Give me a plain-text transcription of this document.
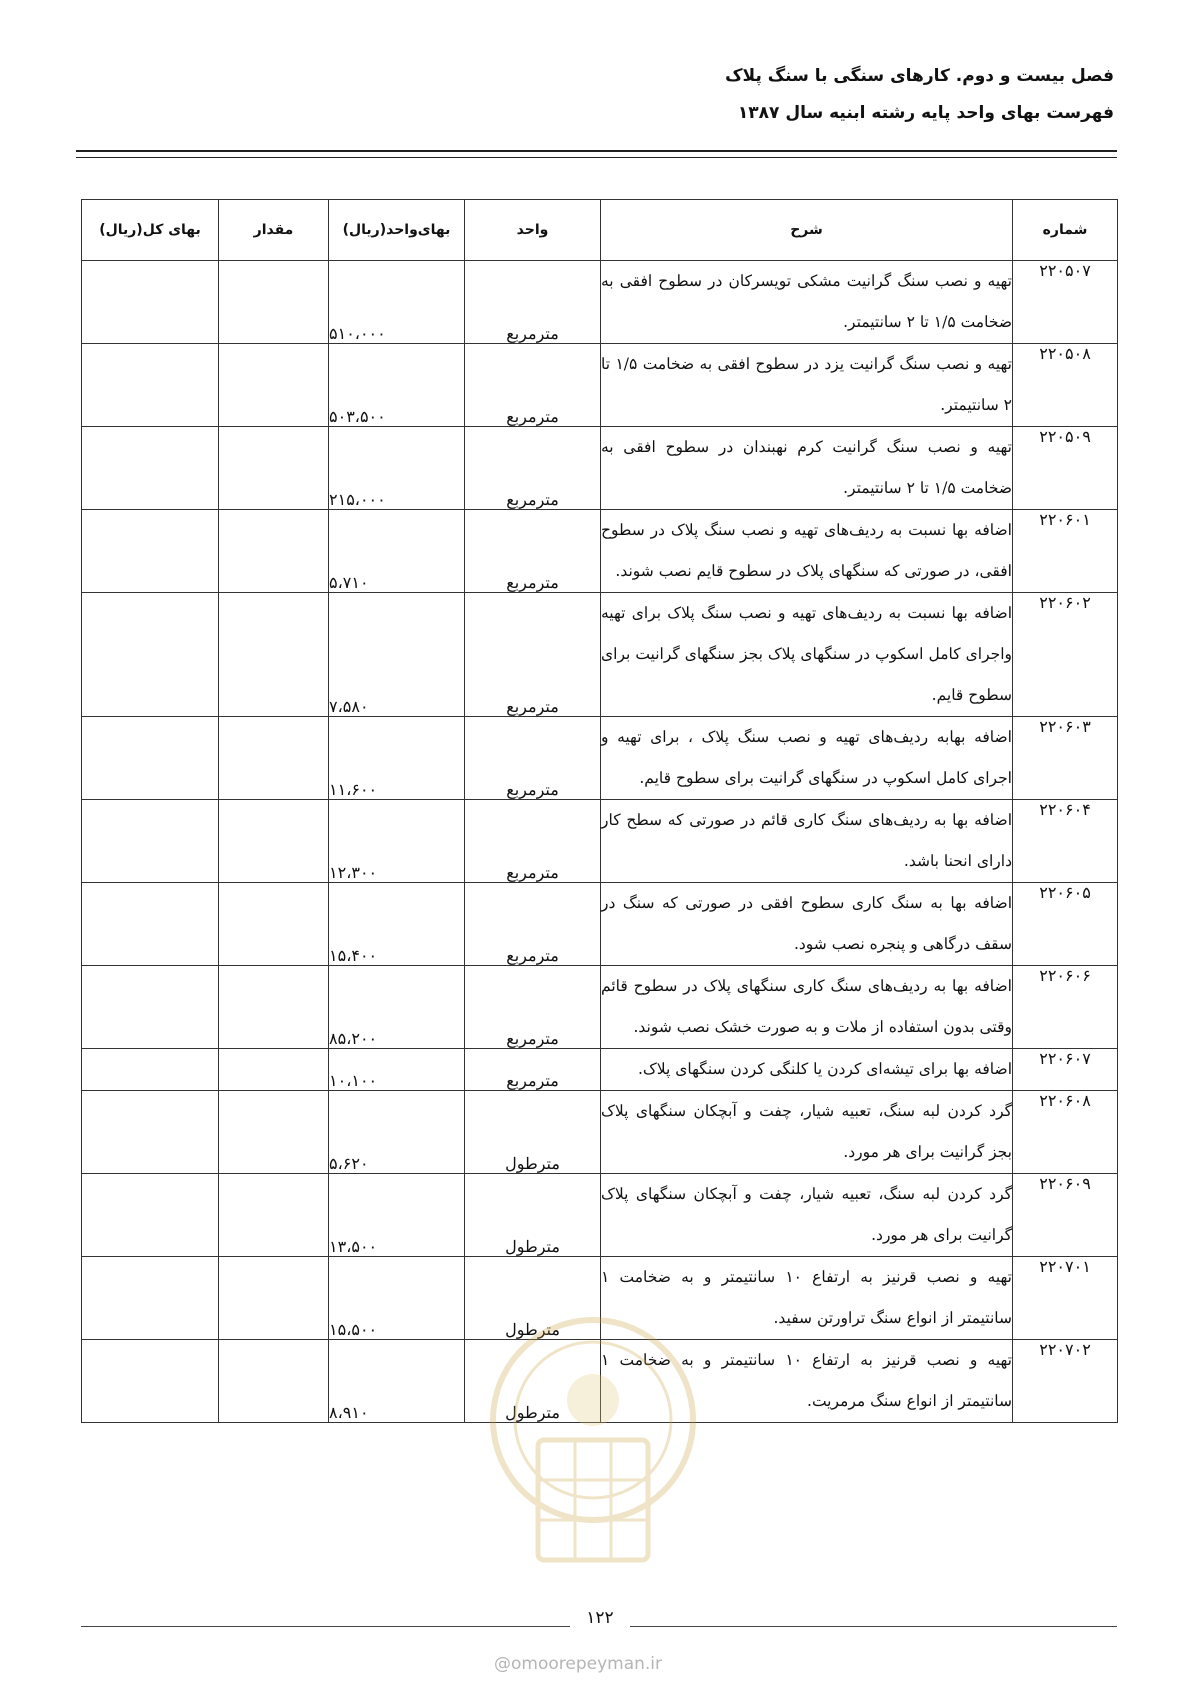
فصل بیست و دوم. کارهای سنگی با سنگ پلاک
فهرست بهای واحد پایه رشته ابنیه سال ۱۳۸۷
شماره	شرح	واحد	بهای‌واحد(ریال)	مقدار	بهای کل(ریال)
۲۲۰۵۰۷	تهیه و نصب سنگ گرانیت مشکی تویسرکان در سطوح افقی به ضخامت ۱/۵ تا ۲ سانتیمتر.	مترمربع	۵۱۰،۰۰۰		
۲۲۰۵۰۸	تهیه و نصب سنگ گرانیت یزد در سطوح افقی به ضخامت ۱/۵ تا ۲ سانتیمتر.	مترمربع	۵۰۳،۵۰۰		
۲۲۰۵۰۹	تهیه و نصب سنگ گرانیت کرم نهبندان در سطوح افقی به ضخامت ۱/۵ تا ۲ سانتیمتر.	مترمربع	۲۱۵،۰۰۰		
۲۲۰۶۰۱	اضافه بها نسبت به ردیف‌های تهیه و نصب سنگ پلاک در سطوح افقی، در صورتی که سنگهای پلاک در سطوح قایم نصب شوند.	مترمربع	۵،۷۱۰		
۲۲۰۶۰۲	اضافه بها نسبت به ردیف‌های تهیه و نصب سنگ پلاک برای تهیه واجرای کامل اسکوپ در سنگهای پلاک بجز سنگهای گرانیت برای سطوح قایم.	مترمربع	۷،۵۸۰		
۲۲۰۶۰۳	اضافه بهابه ردیف‌های تهیه و نصب سنگ پلاک ، برای تهیه و اجرای کامل اسکوپ در سنگهای گرانیت برای سطوح قایم.	مترمربع	۱۱،۶۰۰		
۲۲۰۶۰۴	اضافه بها به ردیف‌های سنگ کاری قائم در صورتی که سطح کار دارای انحنا باشد.	مترمربع	۱۲،۳۰۰		
۲۲۰۶۰۵	اضافه بها به سنگ کاری سطوح افقی در صورتی که سنگ در سقف درگاهی و پنجره نصب شود.	مترمربع	۱۵،۴۰۰		
۲۲۰۶۰۶	اضافه بها به ردیف‌های سنگ کاری سنگهای پلاک در سطوح قائم وقتی بدون استفاده از ملات و به صورت خشک نصب شوند.	مترمربع	۸۵،۲۰۰		
۲۲۰۶۰۷	اضافه بها برای تیشه‌ای کردن یا کلنگی کردن سنگهای پلاک.	مترمربع	۱۰،۱۰۰		
۲۲۰۶۰۸	گرد کردن لبه سنگ، تعبیه شیار، چفت و آبچکان سنگهای پلاک بجز گرانیت برای هر مورد.	مترطول	۵،۶۲۰		
۲۲۰۶۰۹	گرد کردن لبه سنگ، تعبیه شیار، چفت و آبچکان سنگهای پلاک گرانیت برای هر مورد.	مترطول	۱۳،۵۰۰		
۲۲۰۷۰۱	تهیه و نصب قرنیز به ارتفاع ۱۰ سانتیمتر و به ضخامت ۱ سانتیمتر از انواع سنگ تراورتن سفید.	مترطول	۱۵،۵۰۰		
۲۲۰۷۰۲	تهیه و نصب قرنیز به ارتفاع ۱۰ سانتیمتر و به ضخامت ۱ سانتیمتر از انواع سنگ مرمریت.	مترطول	۸،۹۱۰		
۱۲۲
@omoorepeyman.ir
